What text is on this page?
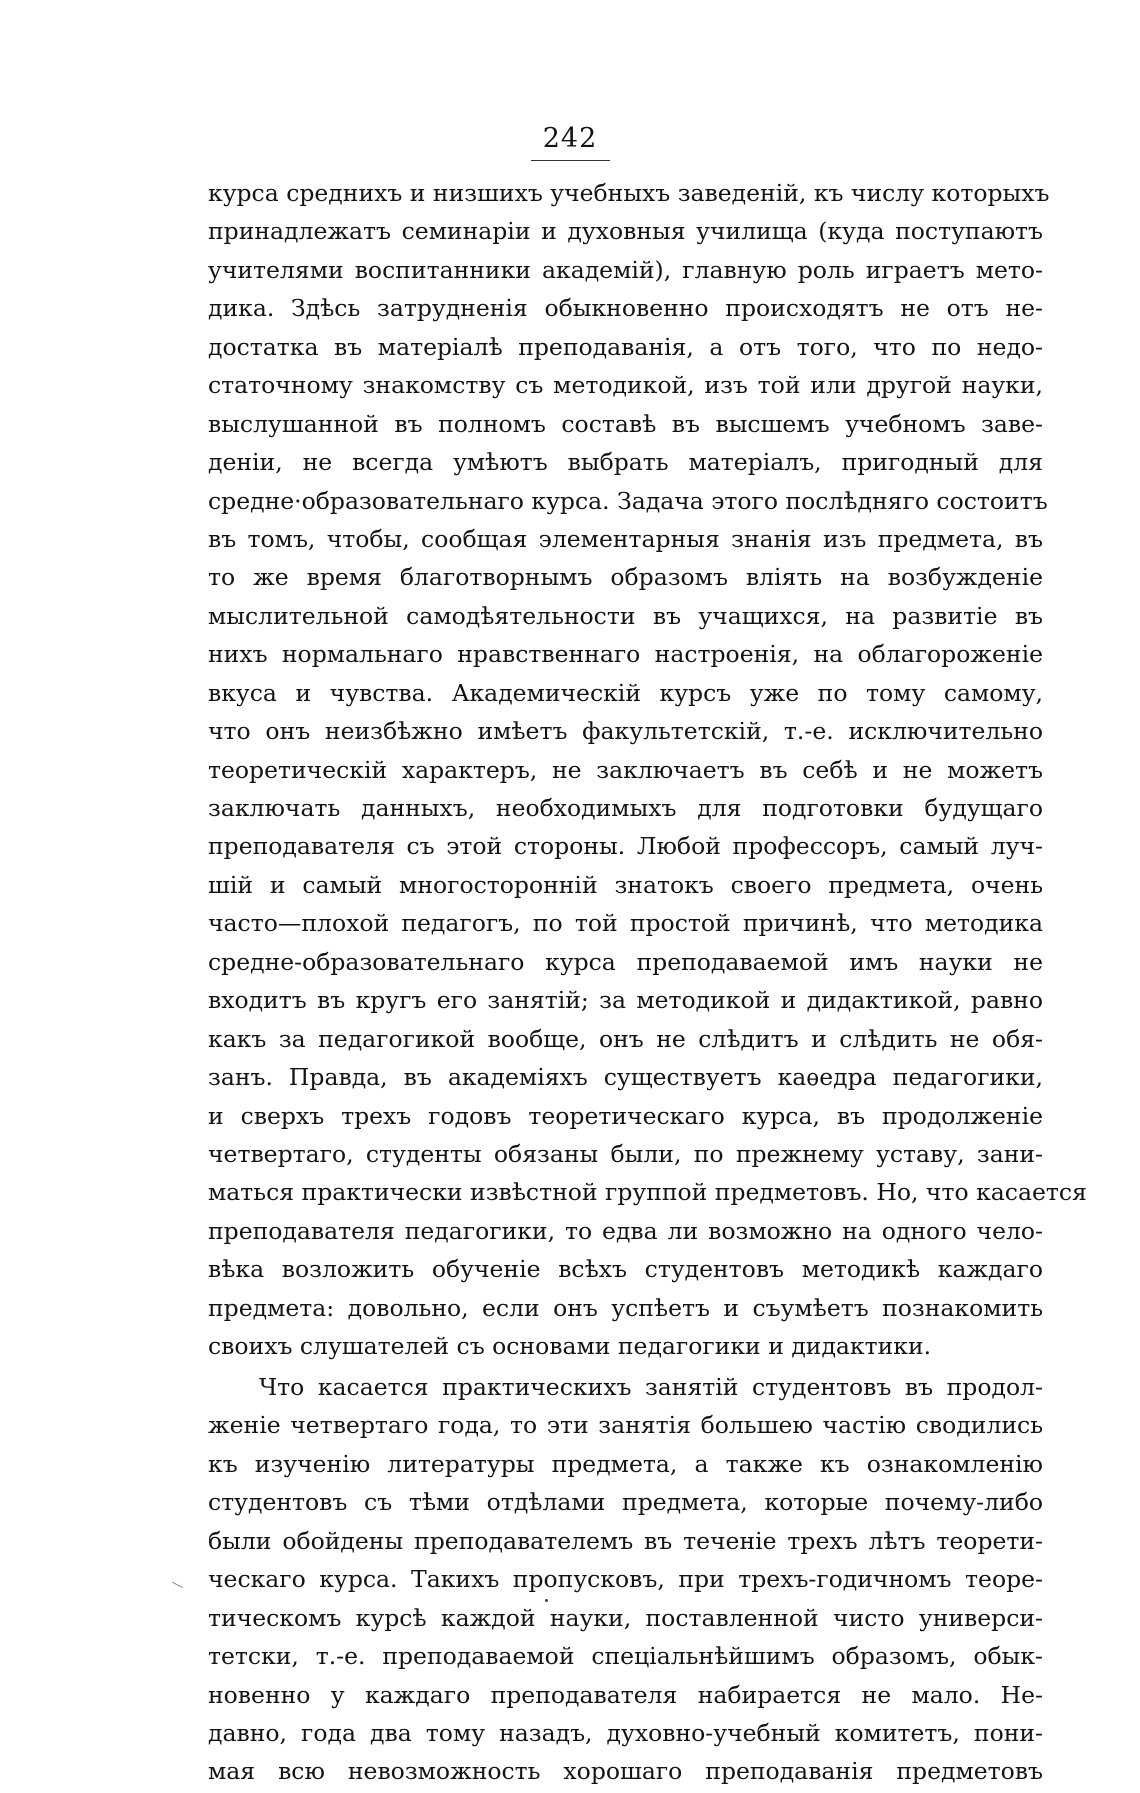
242
курса среднихъ и низшихъ учебныхъ заведеній, къ числу которыхъ
принадлежатъ семинаріи и духовныя училища (куда поступаютъ
учителями воспитанники академій), главную роль играетъ мето-
дика. Здѣсь затрудненія обыкновенно происходятъ не отъ не-
достатка въ матеріалѣ преподаванія, а отъ того, что по недо-
статочному знакомству съ методикой, изъ той или другой науки,
выслушанной въ полномъ составѣ въ высшемъ учебномъ заве-
деніи, не всегда умѣютъ выбрать матеріалъ, пригодный для
средне·образовательнаго курса. Задача этого послѣдняго состоитъ
въ томъ, чтобы, сообщая элементарныя знанія изъ предмета, въ
то же время благотворнымъ образомъ вліять на возбужденіе
мыслительной самодѣятельности въ учащихся, на развитіе въ
нихъ нормальнаго нравственнаго настроенія, на облагороженіе
вкуса и чувства. Академическій курсъ уже по тому самому,
что онъ неизбѣжно имѣетъ факультетскій, т.-е. исключительно
теоретическій характеръ, не заключаетъ въ себѣ и не можетъ
заключать данныхъ, необходимыхъ для подготовки будущаго
преподавателя съ этой стороны. Любой профессоръ, самый луч-
шій и самый многосторонній знатокъ своего предмета, очень
часто—плохой педагогъ, по той простой причинѣ, что методика
средне-образовательнаго курса преподаваемой имъ науки не
входитъ въ кругъ его занятій; за методикой и дидактикой, равно
какъ за педагогикой вообще, онъ не слѣдитъ и слѣдить не обя-
занъ. Правда, въ академіяхъ существуетъ каѳедра педагогики,
и сверхъ трехъ годовъ теоретическаго курса, въ продолженіе
четвертаго, студенты обязаны были, по прежнему уставу, зани-
маться практически извѣстной группой предметовъ. Но, что касается
преподавателя педагогики, то едва ли возможно на одного чело-
вѣка возложить обученіе всѣхъ студентовъ методикѣ каждаго
предмета: довольно, если онъ успѣетъ и съумѣетъ познакомить
своихъ слушателей съ основами педагогики и дидактики.
Что касается практическихъ занятій студентовъ въ продол-
женіе четвертаго года, то эти занятія большею частію сводились
къ изученію литературы предмета, а также къ ознакомленію
студентовъ съ тѣми отдѣлами предмета, которые почему-либо
были обойдены преподавателемъ въ теченіе трехъ лѣтъ теорети-
ческаго курса. Такихъ пропусковъ, при трехъ-годичномъ теоре-
тическомъ курсѣ каждой науки, поставленной чисто универси-
тетски, т.-е. преподаваемой спеціальнѣйшимъ образомъ, обык-
новенно у каждаго преподавателя набирается не мало. Не-
давно, года два тому назадъ, духовно-учебный комитетъ, пони-
мая всю невозможность хорошаго преподаванія предметовъ
